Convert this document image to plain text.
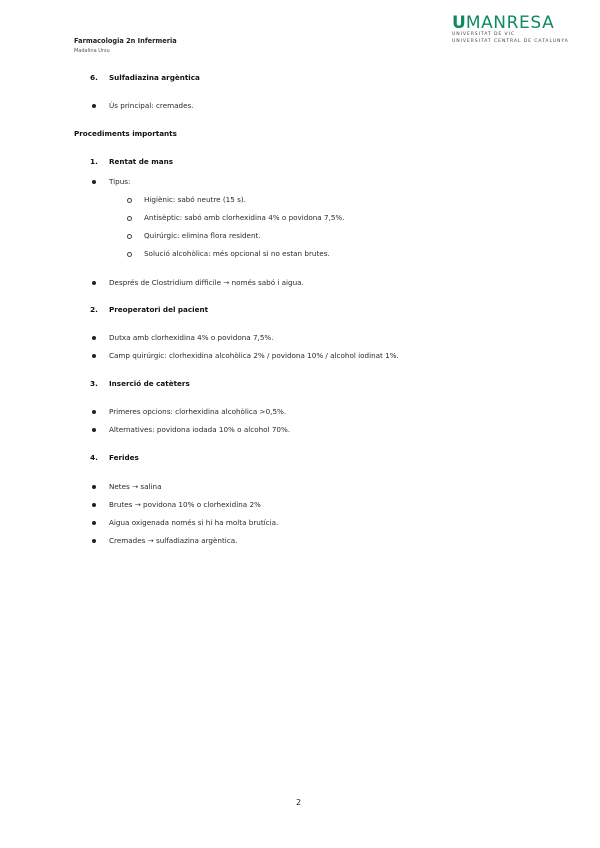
Farmacologia 2n Infermeria
Madalina Ursu
U MANRESA
UNIVERSITAT DE VIC
UNIVERSITAT CENTRAL DE CATALUNYA
6. Sulfadiazina argèntica
Ús principal: cremades.
Procediments importants
1. Rentat de mans
Tipus:
Higiènic: sabó neutre (15 s).
Antisèptic: sabó amb clorhexidina 4% o povidona 7,5%.
Quirúrgic: elimina flora resident.
Solució alcohòlica: més opcional si no estan brutes.
Després de Clostridium difficile → només sabó i aigua.
2. Preoperatori del pacient
Dutxa amb clorhexidina 4% o povidona 7,5%.
Camp quirúrgic: clorhexidina alcohòlica 2% / povidona 10% / alcohol iodinat 1%.
3. Inserció de catèters
Primeres opcions: clorhexidina alcohòlica >0,5%.
Alternatives: povidona iodada 10% o alcohol 70%.
4. Ferides
Netes → salina
Brutes → povidona 10% o clorhexidina 2%
Aigua oxigenada només si hi ha molta brutícia.
Cremades → sulfadiazina argèntica.
2
